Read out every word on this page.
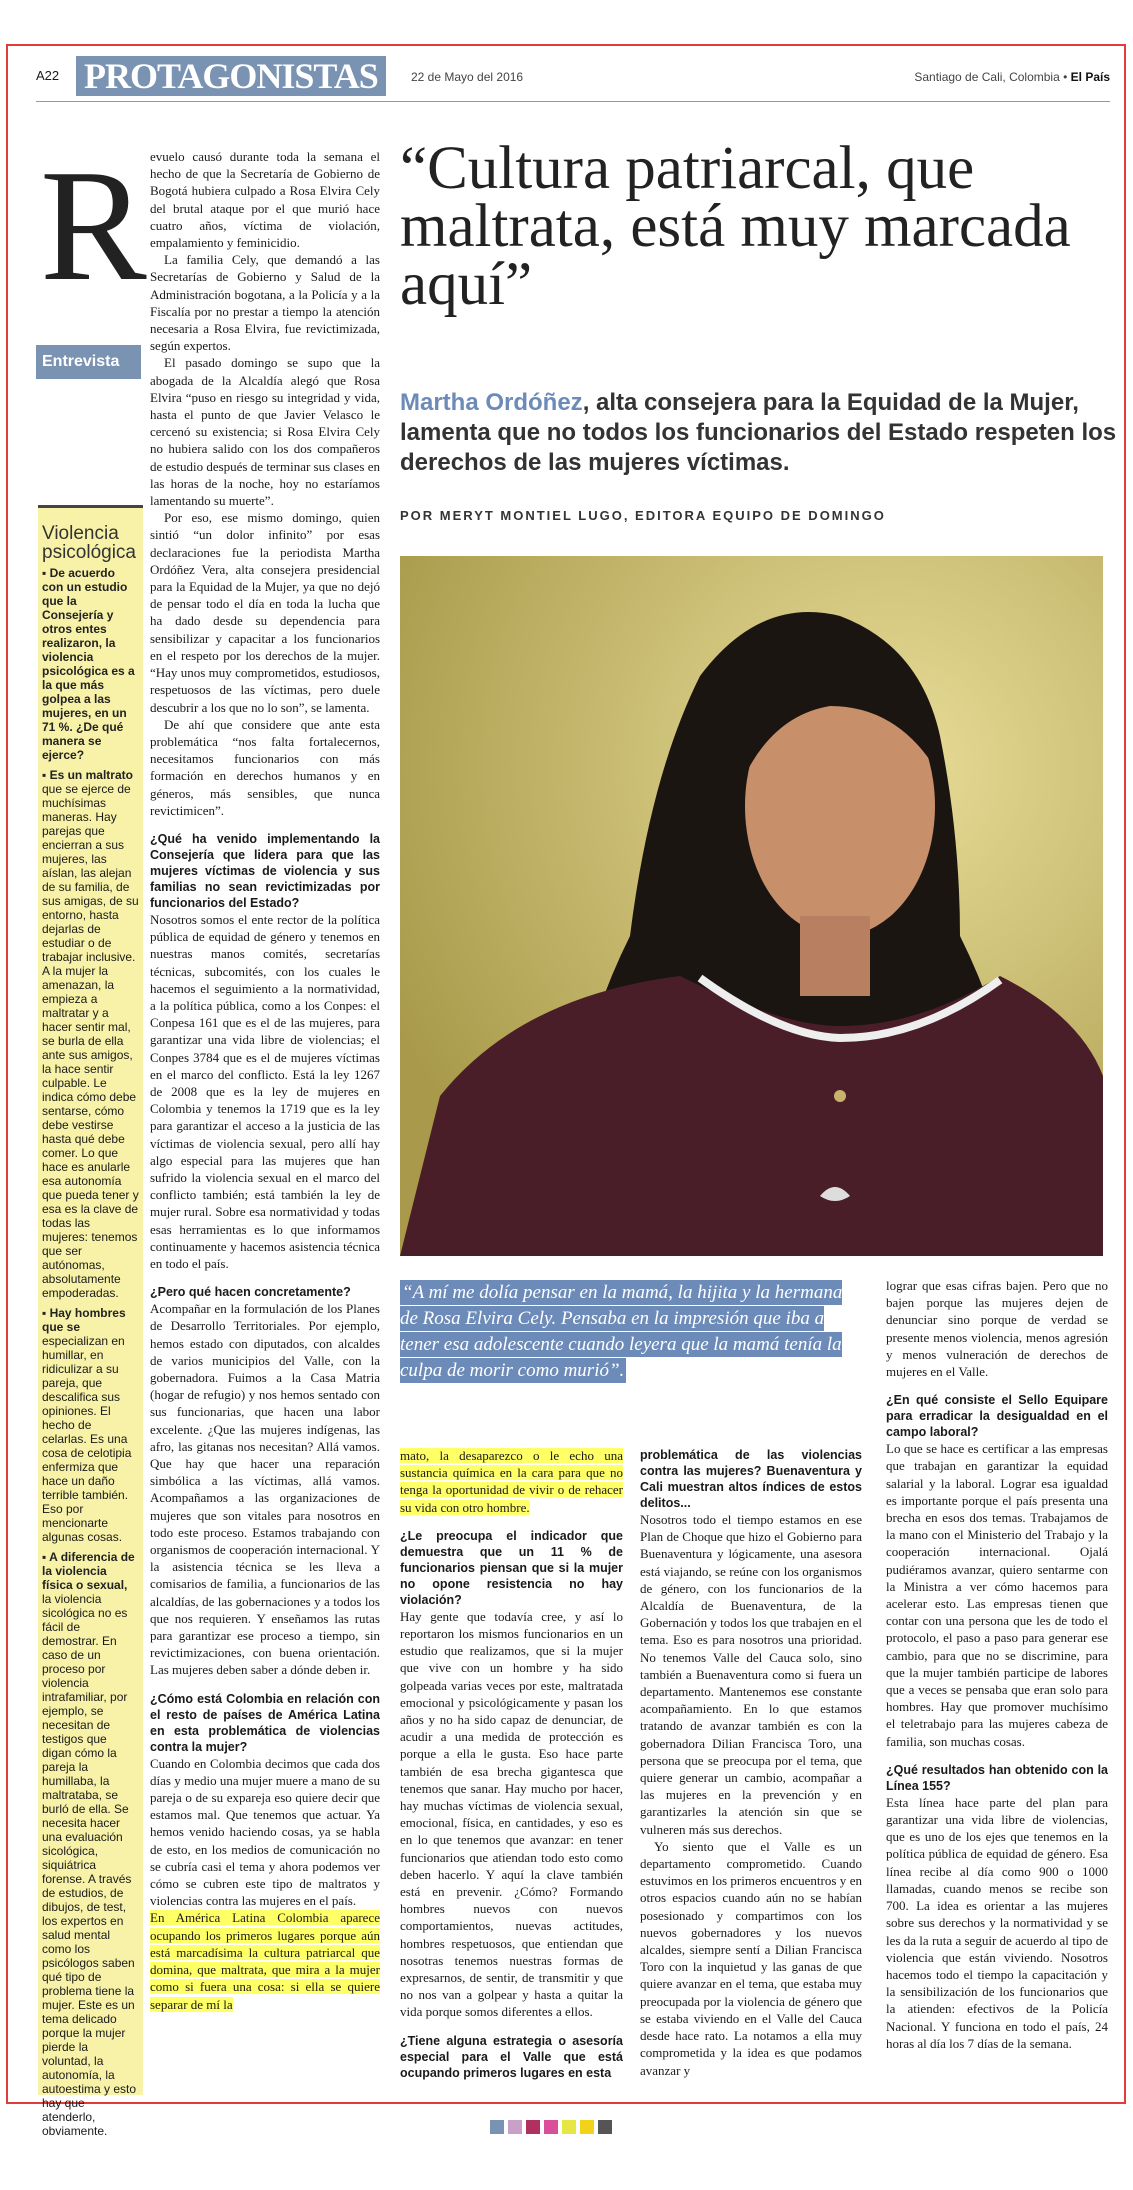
A22 PROTAGONISTAS	22 de Mayo del 2016	Santiago de Cali, Colombia • El País
R
Entrevista
Violencia psicológica

▪ De acuerdo con un estudio que la Consejería y otros entes realizaron, la violencia psicológica es a la que más golpea a las mujeres, en un 71 %. ¿De qué manera se ejerce?

▪ Es un maltrato que se ejerce de muchísimas maneras. Hay parejas que encierran a sus mujeres, las aíslan, las alejan de su familia, de sus amigas, de su entorno, hasta dejarlas de estudiar o de trabajar inclusive. A la mujer la amenazan, la empieza a maltratar y a hacer sentir mal, se burla de ella ante sus amigos, la hace sentir culpable. Le indica cómo debe sentarse, cómo debe vestirse hasta qué debe comer. Lo que hace es anularle esa autonomía que pueda tener y esa es la clave de todas las mujeres: tenemos que ser autónomas, absolutamente empoderadas.

▪ Hay hombres que se especializan en humillar, en ridiculizar a su pareja, que descalifica sus opiniones. El hecho de celarlas. Es una cosa de celotipia enfermiza que hace un daño terrible también. Eso por mencionarte algunas cosas.

▪ A diferencia de la violencia física o sexual, la violencia sicológica no es fácil de demostrar. En caso de un proceso por violencia intrafamiliar, por ejemplo, se necesitan de testigos que digan cómo la pareja la humillaba, la maltrataba, se burló de ella. Se necesita hacer una evaluación sicológica, siquiátrica forense. A través de estudios, de dibujos, de test, los expertos en salud mental como los psicólogos saben qué tipo de problema tiene la mujer. Este es un tema delicado porque la mujer pierde la voluntad, la autonomía, la autoestima y esto hay que atenderlo, obviamente.

evuelo causó durante toda la semana el hecho de que la Secretaría de Gobierno de Bogotá hubiera culpado a Rosa Elvira Cely del brutal ataque por el que murió hace cuatro años, víctima de violación, empalamiento y feminicidio.

La familia Cely, que demandó a las Secretarías de Gobierno y Salud de la Administración bogotana, a la Policía y a la Fiscalía por no prestar a tiempo la atención necesaria a Rosa Elvira, fue revictimizada, según expertos.

El pasado domingo se supo que la abogada de la Alcaldía alegó que Rosa Elvira “puso en riesgo su integridad y vida, hasta el punto de que Javier Velasco le cercenó su existencia; si Rosa Elvira Cely no hubiera salido con los dos compañeros de estudio después de terminar sus clases en las horas de la noche, hoy no estaríamos lamentando su muerte”.

Por eso, ese mismo domingo, quien sintió “un dolor infinito” por esas declaraciones fue la periodista Martha Ordóñez Vera, alta consejera presidencial para la Equidad de la Mujer, ya que no dejó de pensar todo el día en toda la lucha que ha dado desde su dependencia para sensibilizar y capacitar a los funcionarios en el respeto por los derechos de la mujer. “Hay unos muy comprometidos, estudiosos, respetuosos de las víctimas, pero duele descubrir a los que no lo son”, se lamenta.

De ahí que considere que ante esta problemática “nos falta fortalecernos, necesitamos funcionarios con más formación en derechos humanos y en géneros, más sensibles, que nunca revictimicen”.

¿Qué ha venido implementando la Consejería que lidera para que las mujeres víctimas de violencia y sus familias no sean revictimizadas por funcionarios del Estado?

Nosotros somos el ente rector de la política pública de equidad de género y tenemos en nuestras manos comités, secretarías técnicas, subcomités, con los cuales le hacemos el seguimiento a la normatividad, a la política pública, como a los Conpes: el Conpesa 161 que es el de las mujeres, para garantizar una vida libre de violencias; el Conpes 3784 que es el de mujeres víctimas en el marco del conflicto. Está la ley 1267 de 2008 que es la ley de mujeres en Colombia y tenemos la 1719 que es la ley para garantizar el acceso a la justicia de las víctimas de violencia sexual, pero allí hay algo especial para las mujeres que han sufrido la violencia sexual en el marco del conflicto también; está también la ley de mujer rural. Sobre esa normatividad y todas esas herramientas es lo que informamos continuamente y hacemos asistencia técnica en todo el país.

¿Pero qué hacen concretamente?

Acompañar en la formulación de los Planes de Desarrollo Territoriales. Por ejemplo, hemos estado con diputados, con alcaldes de varios municipios del Valle, con la gobernadora. Fuimos a la Casa Matria (hogar de refugio) y nos hemos sentado con sus funcionarias, que hacen una labor excelente. ¿Que las mujeres indígenas, las afro, las gitanas nos necesitan? Allá vamos. Que hay que hacer una reparación simbólica a las víctimas, allá vamos. Acompañamos a las organizaciones de mujeres que son vitales para nosotros en todo este proceso. Estamos trabajando con organismos de cooperación internacional. Y la asistencia técnica se les lleva a comisarios de familia, a funcionarios de las alcaldías, de las gobernaciones y a todos los que nos requieren. Y enseñamos las rutas para garantizar ese proceso a tiempo, sin revictimizaciones, con buena orientación. Las mujeres deben saber a dónde deben ir.

¿Cómo está Colombia en relación con el resto de países de América Latina en esta problemática de violencias contra la mujer?

Cuando en Colombia decimos que cada dos días y medio una mujer muere a mano de su pareja o de su expareja eso quiere decir que estamos mal. Que tenemos que actuar. Ya hemos venido haciendo cosas, ya se habla de esto, en los medios de comunicación no se cubría casi el tema y ahora podemos ver cómo se cubren este tipo de maltratos y violencias contra las mujeres en el país.

En América Latina Colombia aparece ocupando los primeros lugares porque aún está marcadísima la cultura patriarcal que domina, que maltrata, que mira a la mujer como si fuera una cosa: si ella se quiere separar de mí la

“Cultura patriarcal, que maltrata, está muy marcada aquí”
Martha Ordóñez, alta consejera para la Equidad de la Mujer, lamenta que no todos los funcionarios del Estado respeten los derechos de las mujeres víctimas.
POR MERYT MONTIEL LUGO, EDITORA EQUIPO DE DOMINGO
“A mí me dolía pensar en la mamá, la hijita y la hermana de Rosa Elvira Cely. Pensaba en la impresión que iba a tener esa adolescente cuando leyera que la mamá tenía la culpa de morir como murió”.

mato, la desaparezco o le echo una sustancia química en la cara para que no tenga la oportunidad de vivir o de rehacer su vida con otro hombre.

¿Le preocupa el indicador que demuestra que un 11 % de funcionarios piensan que si la mujer no opone resistencia no hay violación?

Hay gente que todavía cree, y así lo reportaron los mismos funcionarios en un estudio que realizamos, que si la mujer que vive con un hombre y ha sido golpeada varias veces por este, maltratada emocional y psicológicamente y pasan los años y no ha sido capaz de denunciar, de acudir a una medida de protección es porque a ella le gusta. Eso hace parte también de esa brecha gigantesca que tenemos que sanar. Hay mucho por hacer, hay muchas víctimas de violencia sexual, emocional, física, en cantidades, y eso es en lo que tenemos que avanzar: en tener funcionarios que atiendan todo esto como deben hacerlo. Y aquí la clave también está en prevenir. ¿Cómo? Formando hombres nuevos con nuevos comportamientos, nuevas actitudes, hombres respetuosos, que entiendan que nosotras tenemos nuestras formas de expresarnos, de sentir, de transmitir y que no nos van a golpear y hasta a quitar la vida porque somos diferentes a ellos.

¿Tiene alguna estrategia o asesoría especial para el Valle que está ocupando primeros lugares en esta

problemática de las violencias contra las mujeres? Buenaventura y Cali muestran altos índices de estos delitos...

Nosotros todo el tiempo estamos en ese Plan de Choque que hizo el Gobierno para Buenaventura y lógicamente, una asesora está viajando, se reúne con los organismos de género, con los funcionarios de la Alcaldía de Buenaventura, de la Gobernación y todos los que trabajen en el tema. Eso es para nosotros una prioridad. No tenemos Valle del Cauca solo, sino también a Buenaventura como si fuera un departamento. Mantenemos ese constante acompañamiento. En lo que estamos tratando de avanzar también es con la gobernadora Dilian Francisca Toro, una persona que se preocupa por el tema, que quiere generar un cambio, acompañar a las mujeres en la prevención y en garantizarles la atención sin que se vulneren más sus derechos.

Yo siento que el Valle es un departamento comprometido. Cuando estuvimos en los primeros encuentros y en otros espacios cuando aún no se habían posesionado y compartimos con los nuevos gobernadores y los nuevos alcaldes, siempre sentí a Dilian Francisca Toro con la inquietud y las ganas de que quiere avanzar en el tema, que estaba muy preocupada por la violencia de género que se estaba viviendo en el Valle del Cauca desde hace rato. La notamos a ella muy comprometida y la idea es que podamos avanzar y

lograr que esas cifras bajen. Pero que no bajen porque las mujeres dejen de denunciar sino porque de verdad se presente menos violencia, menos agresión y menos vulneración de derechos de mujeres en el Valle.

¿En qué consiste el Sello Equipare para erradicar la desigualdad en el campo laboral?

Lo que se hace es certificar a las empresas que trabajan en garantizar la equidad salarial y la laboral. Lograr esa igualdad es importante porque el país presenta una brecha en esos dos temas. Trabajamos de la mano con el Ministerio del Trabajo y la cooperación internacional. Ojalá pudiéramos avanzar, quiero sentarme con la Ministra a ver cómo hacemos para acelerar esto. Las empresas tienen que contar con una persona que les de todo el protocolo, el paso a paso para generar ese cambio, para que no se discrimine, para que la mujer también participe de labores que a veces se pensaba que eran solo para hombres. Hay que promover muchísimo el teletrabajo para las mujeres cabeza de familia, son muchas cosas.

¿Qué resultados han obtenido con la Línea 155?

Esta línea hace parte del plan para garantizar una vida libre de violencias, que es uno de los ejes que tenemos en la política pública de equidad de género. Esa línea recibe al día como 900 o 1000 llamadas, cuando menos se recibe son 700. La idea es orientar a las mujeres sobre sus derechos y la normatividad y se les da la ruta a seguir de acuerdo al tipo de violencia que están viviendo. Nosotros hacemos todo el tiempo la capacitación y la sensibilización de los funcionarios que la atienden: efectivos de la Policía Nacional. Y funciona en todo el país, 24 horas al día los 7 días de la semana.
